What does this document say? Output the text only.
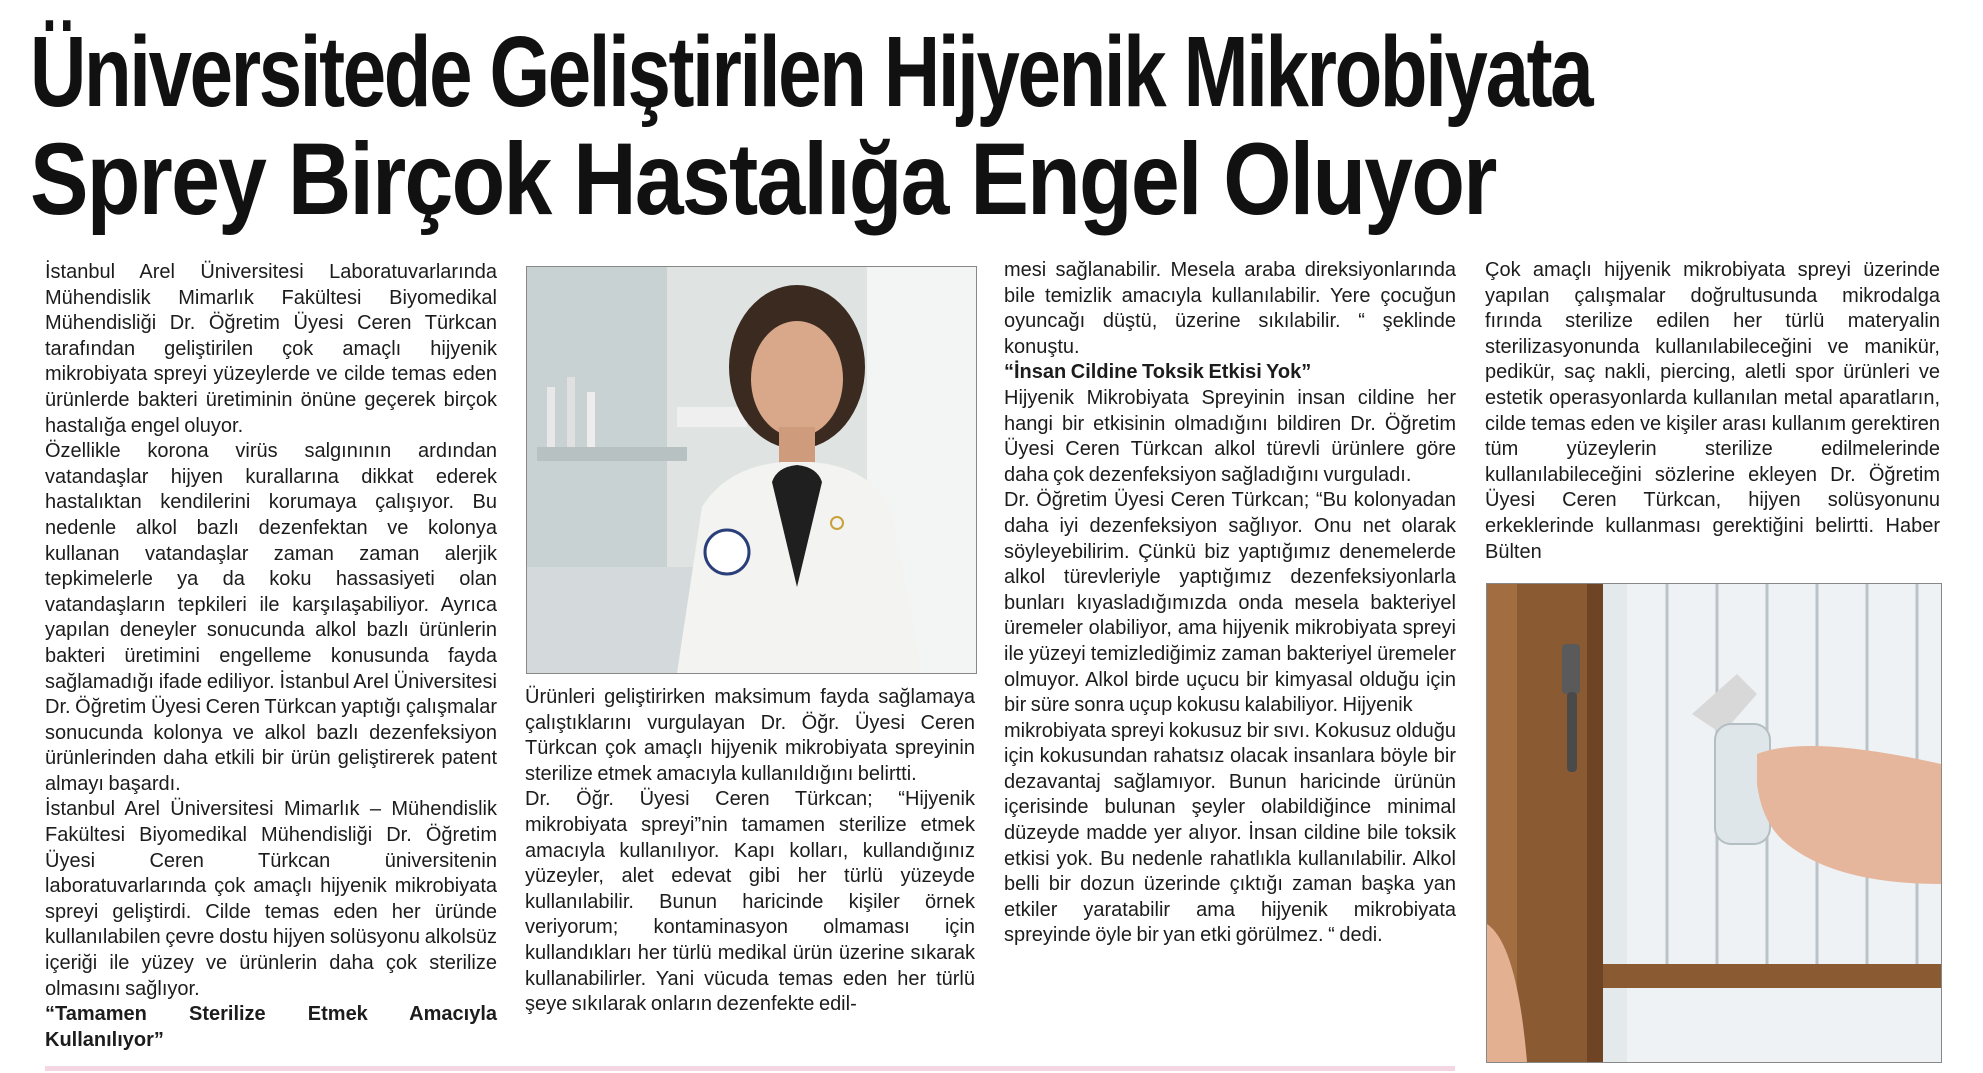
Üniversitede Geliştirilen Hijyenik Mikrobiyata
Sprey Birçok Hastalığa Engel Oluyor

İstanbul Arel Üniversitesi Laboratuvarlarında Mühendislik Mimarlık Fakültesi Biyomedikal Mühendisliği Dr. Öğretim Üyesi Ceren Türkcan tarafından geliştirilen çok amaçlı hijyenik mikrobiyata spreyi yüzeylerde ve cilde temas eden ürünlerde bakteri üretiminin önüne geçerek birçok hastalığa engel oluyor.

Özellikle korona virüs salgınının ardından vatandaşlar hijyen kurallarına dikkat ederek hastalıktan kendilerini korumaya çalışıyor. Bu nedenle alkol bazlı dezenfektan ve kolonya kullanan vatandaşlar zaman zaman alerjik tepkimelerle ya da koku hassasiyeti olan vatandaşların tepkileri ile karşılaşabiliyor. Ayrıca yapılan deneyler sonucunda alkol bazlı ürünlerin bakteri üretimini engelleme konusunda fayda sağlamadığı ifade ediliyor. İstanbul Arel Üniversitesi Dr. Öğretim Üyesi Ceren Türkcan yaptığı çalışmalar sonucunda kolonya ve alkol bazlı dezenfeksiyon ürünlerinden daha etkili bir ürün geliştirerek patent almayı başardı.

İstanbul Arel Üniversitesi Mimarlık – Mühendislik Fakültesi Biyomedikal Mühendisliği Dr. Öğretim Üyesi Ceren Türkcan üniversitenin laboratuvarlarında çok amaçlı hijyenik mikrobiyata spreyi geliştirdi. Cilde temas eden her üründe kullanılabilen çevre dostu hijyen solüsyonu alkolsüz içeriği ile yüzey ve ürünlerin daha çok sterilize olmasını sağlıyor.

“Tamamen Sterilize Etmek Amacıyla Kullanılıyor”

Ürünleri geliştirirken maksimum fayda sağlamaya çalıştıklarını vurgulayan Dr. Öğr. Üyesi Ceren Türkcan çok amaçlı hijyenik mikrobiyata spreyinin sterilize etmek amacıyla kullanıldığını belirtti.

Dr. Öğr. Üyesi Ceren Türkcan; “Hijyenik mikrobiyata spreyi”nin tamamen sterilize etmek amacıyla kullanılıyor. Kapı kolları, kullandığınız yüzeyler, alet edevat gibi her türlü yüzeyde kullanılabilir. Bunun haricinde kişiler örnek veriyorum; kontaminasyon olmaması için kullandıkları her türlü medikal ürün üzerine sıkarak kullanabilirler. Yani vücuda temas eden her türlü şeye sıkılarak onların dezenfekte edil-

mesi sağlanabilir. Mesela araba direksiyonlarında bile temizlik amacıyla kullanılabilir. Yere çocuğun oyuncağı düştü, üzerine sıkılabilir. “ şeklinde konuştu.

“İnsan Cildine Toksik Etkisi Yok”

Hijyenik Mikrobiyata Spreyinin insan cildine her hangi bir etkisinin olmadığını bildiren Dr. Öğretim Üyesi Ceren Türkcan alkol türevli ürünlere göre daha çok dezenfeksiyon sağladığını vurguladı.

Dr. Öğretim Üyesi Ceren Türkcan; “Bu kolonyadan daha iyi dezenfeksiyon sağlıyor. Onu net olarak söyleyebilirim. Çünkü biz yaptığımız denemelerde alkol türevleriyle yaptığımız dezenfeksiyonlarla bunları kıyasladığımızda onda mesela bakteriyel üremeler olabiliyor, ama hijyenik mikrobiyata spreyi ile yüzeyi temizlediğimiz zaman bakteriyel üremeler olmuyor. Alkol birde uçucu bir kimyasal olduğu için bir süre sonra uçup kokusu kalabiliyor. Hijyenik

mikrobiyata spreyi kokusuz bir sıvı. Kokusuz olduğu için kokusundan rahatsız olacak insanlara böyle bir dezavantaj sağlamıyor. Bunun haricinde ürünün içerisinde bulunan şeyler olabildiğince minimal düzeyde madde yer alıyor. İnsan cildine bile toksik etkisi yok. Bu nedenle rahatlıkla kullanılabilir. Alkol belli bir dozun üzerinde çıktığı zaman başka yan etkiler yaratabilir ama hijyenik mikrobiyata spreyinde öyle bir yan etki görülmez. “ dedi.

Çok amaçlı hijyenik mikrobiyata spreyi üzerinde yapılan çalışmalar doğrultusunda mikrodalga fırında sterilize edilen her türlü materyalin sterilizasyonunda kullanılabileceğini ve manikür, pedikür, saç nakli, piercing, aletli spor ürünleri ve estetik operasyonlarda kullanılan metal aparatların, cilde temas eden ve kişiler arası kullanım gerektiren tüm yüzeylerin sterilize edilmelerinde kullanılabileceğini sözlerine ekleyen Dr. Öğretim Üyesi Ceren Türkcan, hijyen solüsyonunu erkeklerinde kullanması gerektiğini belirtti. Haber Bülten
